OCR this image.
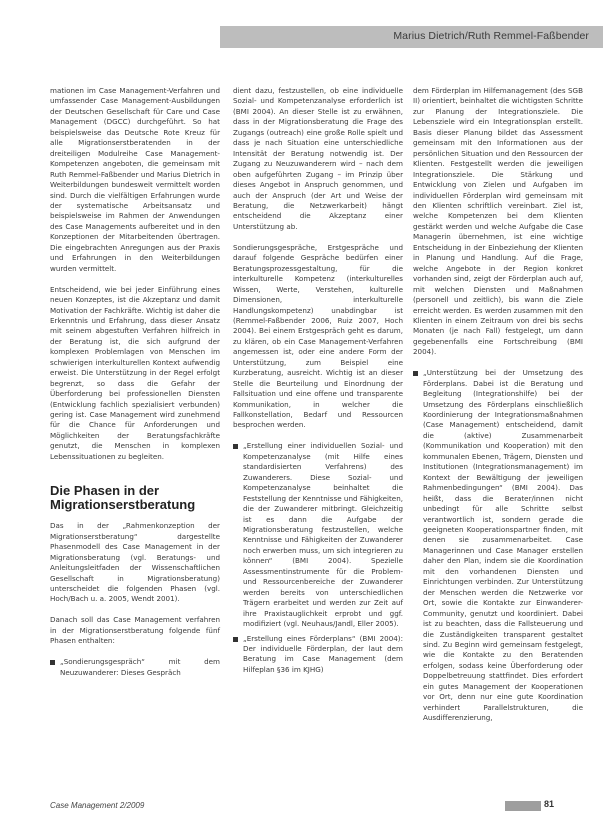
Marius Dietrich/Ruth Remmel-Faßbender

mationen im Case Management-Verfahren und umfassender Case Management-Ausbildungen der Deutschen Gesellschaft für Care und Case Management (DGCC) durchgeführt. So hat beispielsweise das Deutsche Rote Kreuz für alle Migrationserstberatenden in der dreiteiligen Modulreihe Case Management-Kompetenzen angeboten, die gemeinsam mit Ruth Remmel-Faßbender und Marius Dietrich in Weiterbildungen bundesweit vermittelt worden sind. Durch die vielfältigen Erfahrungen wurde der systematische Arbeitsansatz und beispielsweise im Rahmen der Anwendungen des Case Managements aufbereitet und in den Konzeptionen der Mitarbeitenden übertragen. Die eingebrachten Anregungen aus der Praxis und Erfahrungen in den Weiterbildungen wurden vermittelt.

Entscheidend, wie bei jeder Einführung eines neuen Konzeptes, ist die Akzeptanz und damit Motivation der Fachkräfte. Wichtig ist daher die Erkenntnis und Erfahrung, dass dieser Ansatz mit seinem abgestuften Verfahren hilfreich in der Beratung ist, die sich aufgrund der komplexen Problemlagen von Menschen im schwierigen interkulturellen Kontext aufwendig erweist. Die Unterstützung in der Regel erfolgt begrenzt, so dass die Gefahr der Überforderung bei professionellen Diensten (Entwicklung fachlich spezialisiert verbunden) gering ist. Case Management wird zunehmend für die Chance für Anforderungen und Möglichkeiten der Beratungsfachkräfte genutzt, die Menschen in komplexen Lebenssituationen zu begleiten.

Die Phasen in der Migrationserstberatung

Das in der „Rahmenkonzeption der Migrationserstberatung“ dargestellte Phasenmodell des Case Management in der Migrationsberatung (vgl. Beratungs- und Anleitungsleitfaden der Wissenschaftlichen Gesellschaft in Migrationsberatung) unterscheidet die folgenden Phasen (vgl. Hoch/Bach u. a. 2005, Wendt 2001).

Danach soll das Case Management verfahren in der Migrationserstberatung folgende fünf Phasen enthalten:

„Sondierungsgespräch“ mit dem Neuzuwanderer: Dieses Gespräch

dient dazu, festzustellen, ob eine individuelle Sozial- und Kompetenzanalyse erforderlich ist (BMI 2004). An dieser Stelle ist zu erwähnen, dass in der Migrationsberatung die Frage des Zugangs (outreach) eine große Rolle spielt und dass je nach Situation eine unterschiedliche Intensität der Beratung notwendig ist. Der Zugang zu Neuzuwanderern wird – nach dem oben aufgeführten Zugang – im Prinzip über dieses Angebot in Anspruch genommen, und auch der Anspruch (der Art und Weise der Beratung, die Netzwerkarbeit) hängt entscheidend die Akzeptanz einer Unterstützung ab.

Sondierungsgespräche, Erstgespräche und darauf folgende Gespräche bedürfen einer Beratungsprozessgestaltung, für die interkulturelle Kompetenz (interkulturelles Wissen, Werte, Verstehen, kulturelle Dimensionen, interkulturelle Handlungskompetenz) unabdingbar ist (Remmel-Faßbender 2006, Ruiz 2007, Hoch 2004). Bei einem Erstgespräch geht es darum, zu klären, ob ein Case Management-Verfahren angemessen ist, oder eine andere Form der Unterstützung, zum Beispiel eine Kurzberatung, ausreicht. Wichtig ist an dieser Stelle die Beurteilung und Einordnung der Fallsituation und eine offene und transparente Kommunikation, in welcher die Fallkonstellation, Bedarf und Ressourcen besprochen werden.

„Erstellung einer individuellen Sozial- und Kompetenzanalyse (mit Hilfe eines standardisierten Verfahrens) des Zuwanderers. Diese Sozial- und Kompetenzanalyse beinhaltet die Feststellung der Kenntnisse und Fähigkeiten, die der Zuwanderer mitbringt. Gleichzeitig ist es dann die Aufgabe der Migrationsberatung festzustellen, welche Kenntnisse und Fähigkeiten der Zuwanderer noch erwerben muss, um sich integrieren zu können“ (BMI 2004). Spezielle Assessmentinstrumente für die Problem- und Ressourcenbereiche der Zuwanderer werden bereits von unterschiedlichen Trägern erarbeitet und werden zur Zeit auf ihre Praxistauglichkeit erprobt und ggf. modifiziert (vgl. Neuhaus/Jandl, Eller 2005).
„Erstellung eines Förderplans“ (BMI 2004): Der individuelle Förderplan, der laut dem Beratung im Case Management (dem Hilfeplan §36 im KJHG)

dem Förderplan im Hilfemanagement (des SGB II) orientiert, beinhaltet die wichtigsten Schritte zur Planung der Integrationsziele. Die Lebensziele wird ein Integrationsplan erstellt. Basis dieser Planung bildet das Assessment gemeinsam mit den Informationen aus der persönlichen Situation und den Ressourcen der Klienten. Festgestellt werden die jeweiligen Integrationsziele. Die Stärkung und Entwicklung von Zielen und Aufgaben im individuellen Förderplan wird gemeinsam mit den Klienten schriftlich vereinbart. Ziel ist, welche Kompetenzen bei dem Klienten gestärkt werden und welche Aufgabe die Case Managerin übernehmen, ist eine wichtige Entscheidung in der Einbeziehung der Klienten in Planung und Handlung. Auf die Frage, welche Angebote in der Region konkret vorhanden sind, zeigt der Förderplan auch auf, mit welchen Diensten und Maßnahmen (personell und zeitlich), bis wann die Ziele erreicht werden. Es werden zusammen mit den Klienten in einem Zeitraum von drei bis sechs Monaten (je nach Fall) festgelegt, um dann gegebenenfalls eine Fortschreibung (BMI 2004).

„Unterstützung bei der Umsetzung des Förderplans. Dabei ist die Beratung und Begleitung (Integrationshilfe) bei der Umsetzung des Förderplans einschließlich Koordinierung der Integrationsmaßnahmen (Case Management) entscheidend, damit die (aktive) Zusammenarbeit (Kommunikation und Kooperation) mit den kommunalen Ebenen, Trägern, Diensten und Institutionen (Integrationsmanagement) im Kontext der Bewältigung der jeweiligen Rahmenbedingungen“ (BMI 2004). Das heißt, dass die Berater/innen nicht unbedingt für alle Schritte selbst verantwortlich ist, sondern gerade die geeigneten Kooperationspartner finden, mit denen sie zusammenarbeitet. Case Managerinnen und Case Manager erstellen daher den Plan, indem sie die Koordination mit den vorhandenen Diensten und Einrichtungen verbinden. Zur Unterstützung der Menschen werden die Netzwerke vor Ort, sowie die Kontakte zur Einwanderer-Community, genutzt und koordiniert. Dabei ist zu beachten, dass die Fallsteuerung und die Zuständigkeiten transparent gestaltet sind. Zu Beginn wird gemeinsam festgelegt, wie die Kontakte zu den Beratenden erfolgen, sodass keine Überforderung oder Doppelbetreuung stattfindet. Dies erfordert ein gutes Management der Kooperationen vor Ort, denn nur eine gute Koordination verhindert Parallelstrukturen, die Ausdifferenzierung,
Case Management 2/2009	81
